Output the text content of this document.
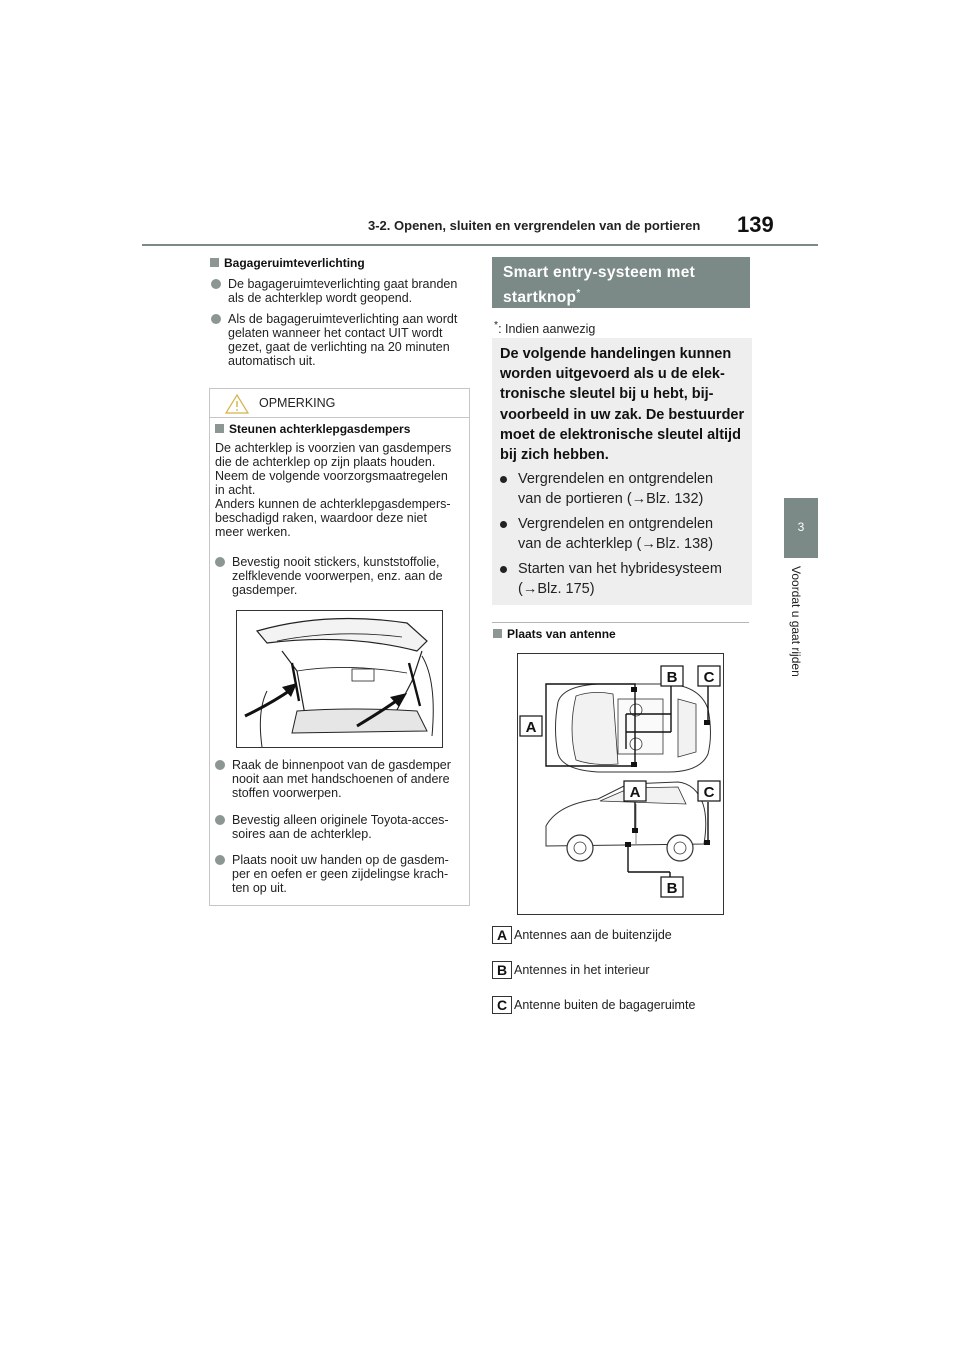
3-2. Openen, sluiten en vergrendelen van de portieren 139
3
Voordat u gaat rijden
Bagageruimteverlichting
De bagageruimteverlichting gaat branden
als de achterklep wordt geopend.
Als de bagageruimteverlichting aan wordt
gelaten wanneer het contact UIT wordt
gezet, gaat de verlichting na 20 minuten
automatisch uit.
OPMERKING
Steunen achterklepgasdempers
De achterklep is voorzien van gasdempers
die de achterklep op zijn plaats houden.
Neem de volgende voorzorgsmaatregelen
in acht.
Anders kunnen de achterklepgasdempers-
beschadigd raken, waardoor deze niet
meer werken.
Bevestig nooit stickers, kunststoffolie,
zelfklevende voorwerpen, enz. aan de
gasdemper.
Raak de binnenpoot van de gasdemper
nooit aan met handschoenen of andere
stoffen voorwerpen.
Bevestig alleen originele Toyota-acces-
soires aan de achterklep.
Plaats nooit uw handen op de gasdem-
per en oefen er geen zijdelingse krach-
ten op uit.
Smart entry-systeem met startknop*
*: Indien aanwezig
De volgende handelingen kunnen worden uitgevoerd als u de elek-tronische sleutel bij u hebt, bij-voorbeeld in uw zak. De bestuurder moet de elektronische sleutel altijd bij zich hebben.
Vergrendelen en ontgrendelen
van de portieren (→Blz. 132)
Vergrendelen en ontgrendelen
van de achterklep (→Blz. 138)
Starten van het hybridesysteem
(→Blz. 175)
Plaats van antenne
A
B C
A	C
B
A Antennes aan de buitenzijde
B Antennes in het interieur
C Antenne buiten de bagageruimte
